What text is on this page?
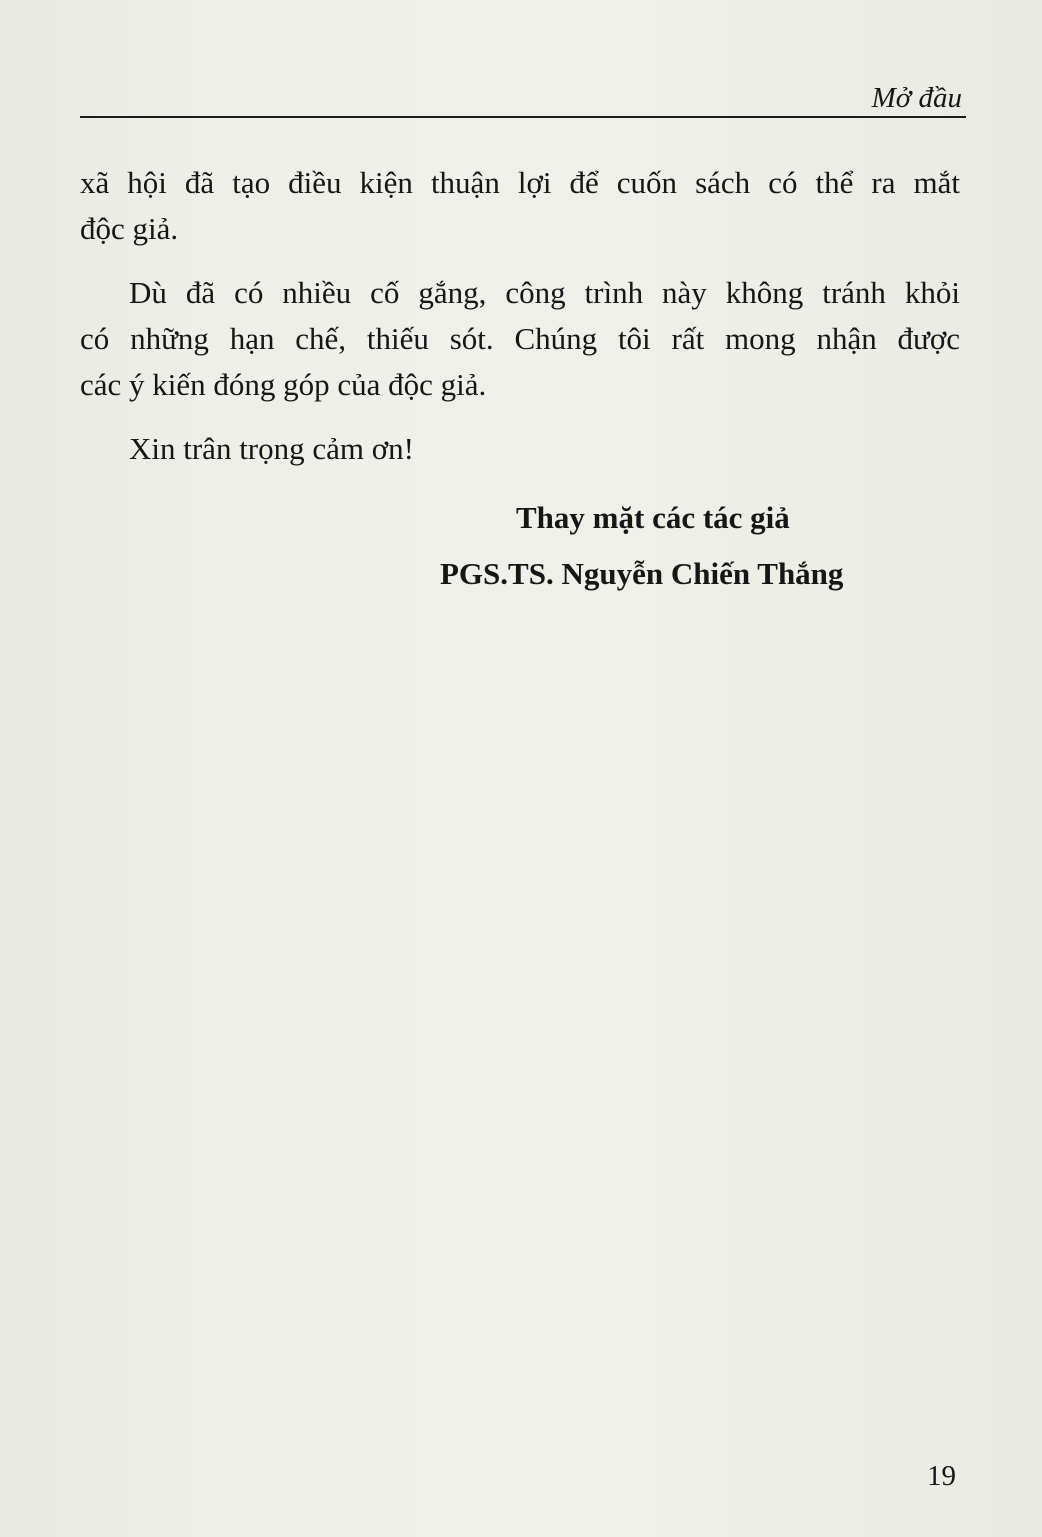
Mở đầu
xã hội đã tạo điều kiện thuận lợi để cuốn sách có thể ra mắt
độc giả.
Dù đã có nhiều cố gắng, công trình này không tránh khỏi
có những hạn chế, thiếu sót. Chúng tôi rất mong nhận được
các ý kiến đóng góp của độc giả.
Xin trân trọng cảm ơn!
Thay mặt các tác giả
PGS.TS. Nguyễn Chiến Thắng
19
